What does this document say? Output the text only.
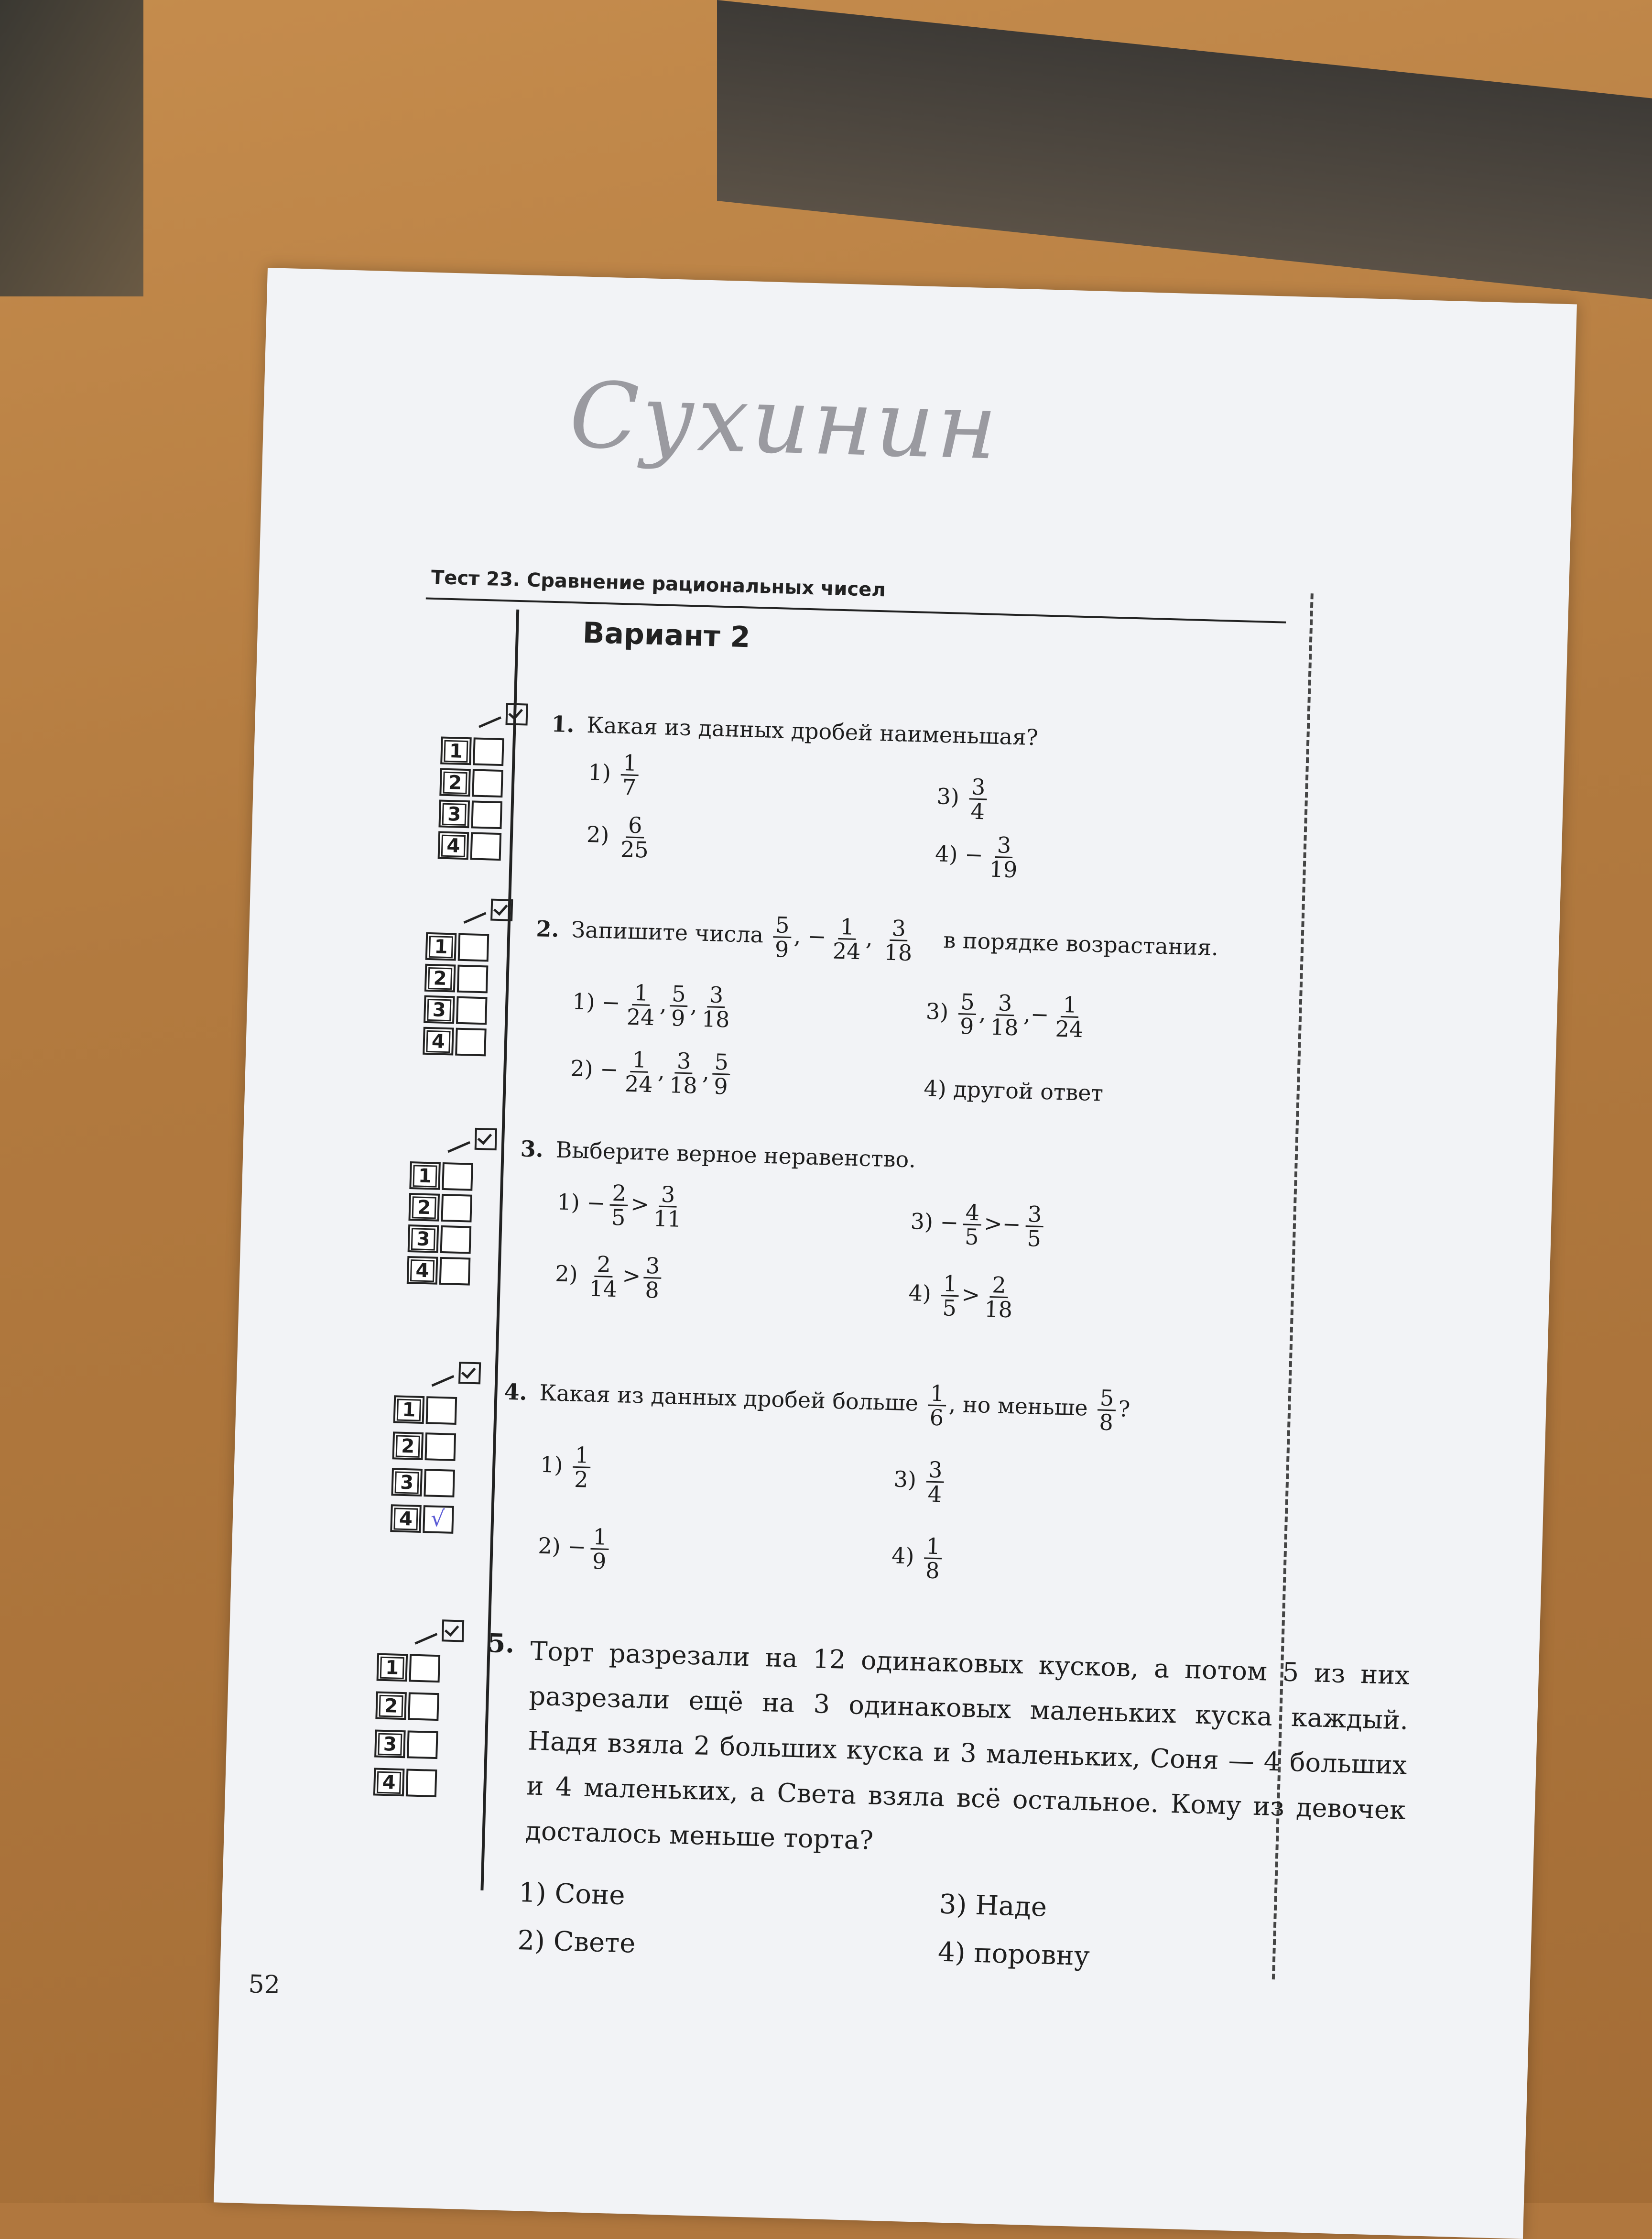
Сухинин
Тест 23. Сравнение рациональных чисел
Вариант 2
1
2
3
4
1. Какая из данных дробей наименьшая?
$1) \frac{1}{7}$
$2) \frac{6}{25}$
$3) \frac{3}{4}$
$4) - \frac{3}{19}$
1
2
3
4
2. Запишите числа $\frac{5}{9}$ , − $\frac{1}{24}$ , $\frac{3}{18}$ в порядке возрастания.
$1) - \frac{1}{24}$ , $\frac{5}{9}$ , $\frac{3}{18}$
$2) - \frac{1}{24}$ , $\frac{3}{18}$ , $\frac{5}{9}$
$3) \frac{5}{9}$ , $\frac{3}{18}$ ,− $\frac{1}{24}$
4) другой ответ
1
2
3
4
3. Выберите верное неравенство.
$1) - \frac{2}{5} > \frac{3}{11}$
$2) \frac{2}{14} > \frac{3}{8}$
$3) - \frac{4}{5} >- \frac{3}{5}$
$4) \frac{1}{5} > \frac{2}{18}$
1
2
3
4
√
4. Какая из данных дробей больше $\frac{1}{6}$ , но меньше $\frac{5}{8}$ ?
$1) \frac{1}{2}$
$2) - \frac{1}{9}$
$3) \frac{3}{4}$
$4) \frac{1}{8}$
1
2
3
4
5. Торт разрезали на 12 одинаковых кусков, а потом 5 из них разрезали ещё на 3 одинаковых маленьких куска каждый. Надя взяла 2 больших куска и 3 маленьких, Соня — 4 больших и 4 маленьких, а Света взяла всё остальное. Кому из девочек досталось меньше торта?
1) Соне
2) Свете
3) Наде
4) поровну
52
